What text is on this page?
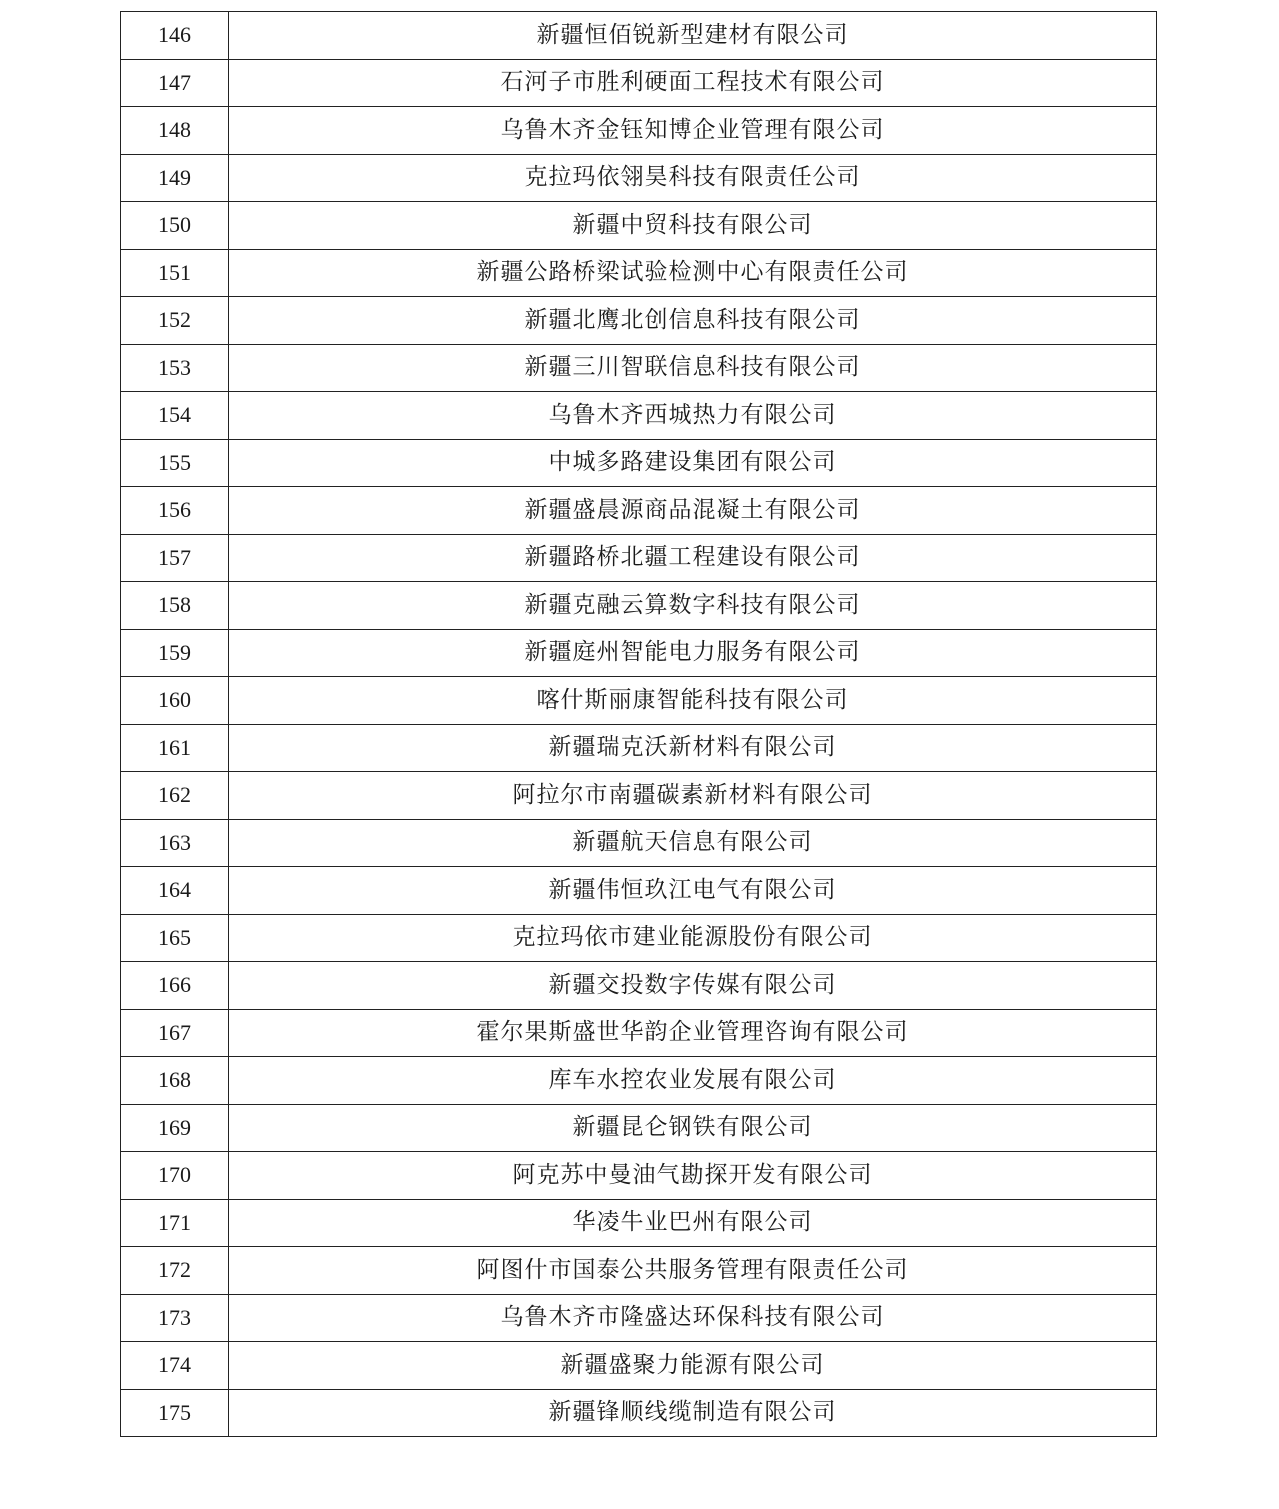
146	新疆恒佰锐新型建材有限公司
147	石河子市胜利硬面工程技术有限公司
148	乌鲁木齐金钰知博企业管理有限公司
149	克拉玛依翎昊科技有限责任公司
150	新疆中贸科技有限公司
151	新疆公路桥梁试验检测中心有限责任公司
152	新疆北鹰北创信息科技有限公司
153	新疆三川智联信息科技有限公司
154	乌鲁木齐西城热力有限公司
155	中城多路建设集团有限公司
156	新疆盛晨源商品混凝土有限公司
157	新疆路桥北疆工程建设有限公司
158	新疆克融云算数字科技有限公司
159	新疆庭州智能电力服务有限公司
160	喀什斯丽康智能科技有限公司
161	新疆瑞克沃新材料有限公司
162	阿拉尔市南疆碳素新材料有限公司
163	新疆航天信息有限公司
164	新疆伟恒玖江电气有限公司
165	克拉玛依市建业能源股份有限公司
166	新疆交投数字传媒有限公司
167	霍尔果斯盛世华韵企业管理咨询有限公司
168	库车水控农业发展有限公司
169	新疆昆仑钢铁有限公司
170	阿克苏中曼油气勘探开发有限公司
171	华凌牛业巴州有限公司
172	阿图什市国泰公共服务管理有限责任公司
173	乌鲁木齐市隆盛达环保科技有限公司
174	新疆盛聚力能源有限公司
175	新疆锋顺线缆制造有限公司
